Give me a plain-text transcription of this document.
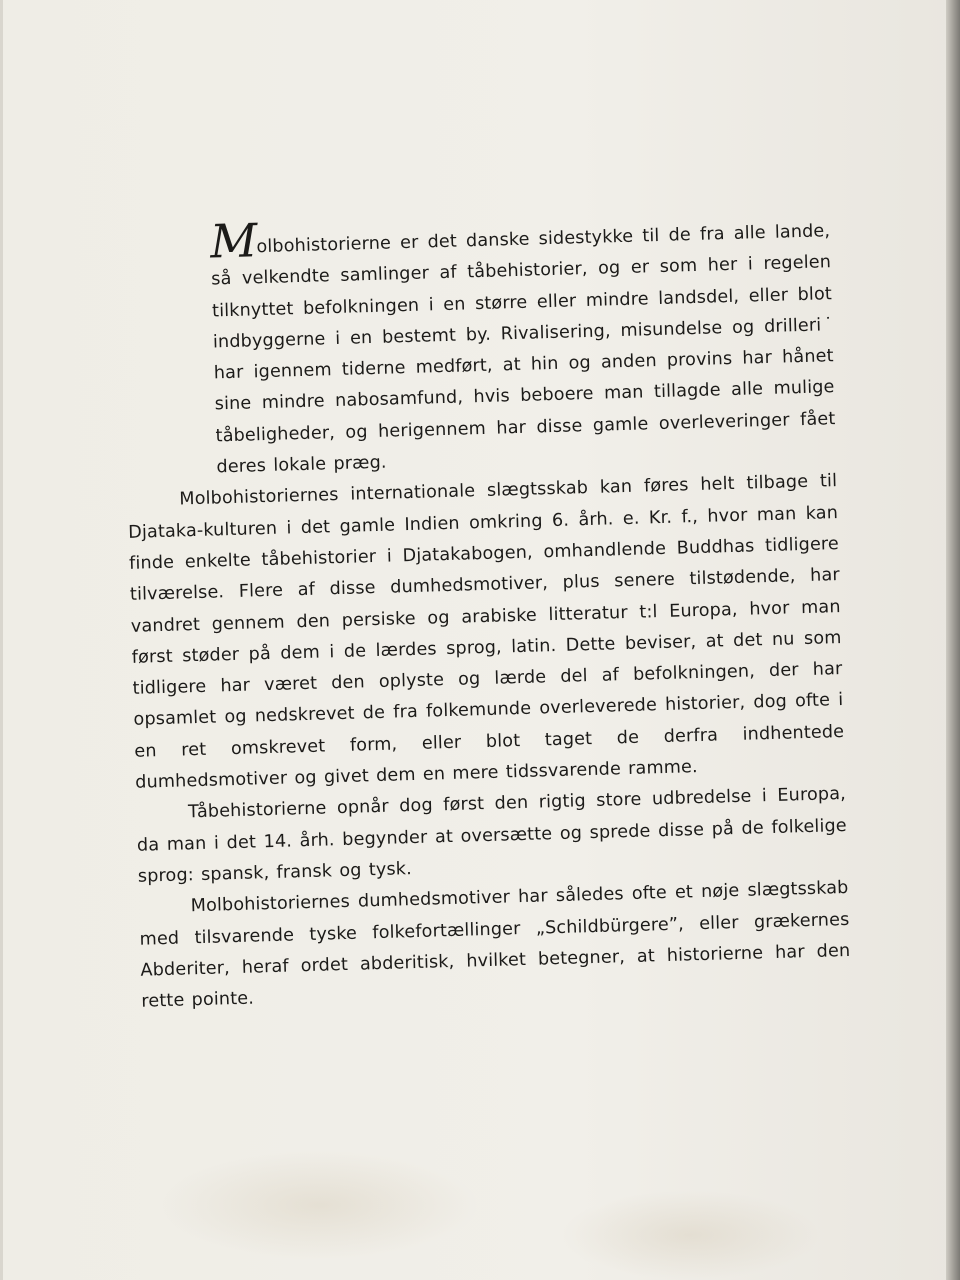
Molbohistorierne er det danske sidestykke til de fra alle lande, så velkendte samlinger af tåbehistorier, og er som her i regelen tilknyttet befolkningen i en større eller mindre landsdel, eller blot indbyggerne i en bestemt by. Rivalisering, misundelse og drilleri˙ har igennem tiderne medført, at hin og anden provins har hånet sine mindre nabosamfund, hvis beboere man tillagde alle mulige tåbeligheder, og herigennem har disse gamle overleveringer fået deres lokale præg.

Molbohistoriernes internationale slægtsskab kan føres helt tilbage til Djataka-kulturen i det gamle Indien omkring 6. årh. e. Kr. f., hvor man kan finde enkelte tåbehistorier i Djatakabogen, omhandlende Buddhas tidligere tilværelse. Flere af disse dumhedsmotiver, plus senere tilstødende, har vandret gennem den persiske og arabiske litteratur t:l Europa, hvor man først støder på dem i de lærdes sprog, latin. Dette beviser, at det nu som tidligere har været den oplyste og lærde del af befolkningen, der har opsamlet og nedskrevet de fra folkemunde overleverede historier, dog ofte i en ret omskrevet form, eller blot taget de derfra indhentede dumhedsmotiver og givet dem en mere tidssvarende ramme.

Tåbehistorierne opnår dog først den rigtig store udbredelse i Europa, da man i det 14. årh. begynder at oversætte og sprede disse på de folkelige sprog: spansk, fransk og tysk.

Molbohistoriernes dumhedsmotiver har således ofte et nøje slægtsskab med tilsvarende tyske folkefortællinger „Schildbürgere”, eller grækernes Abderiter, heraf ordet abderitisk, hvilket betegner, at historierne har den rette pointe.
